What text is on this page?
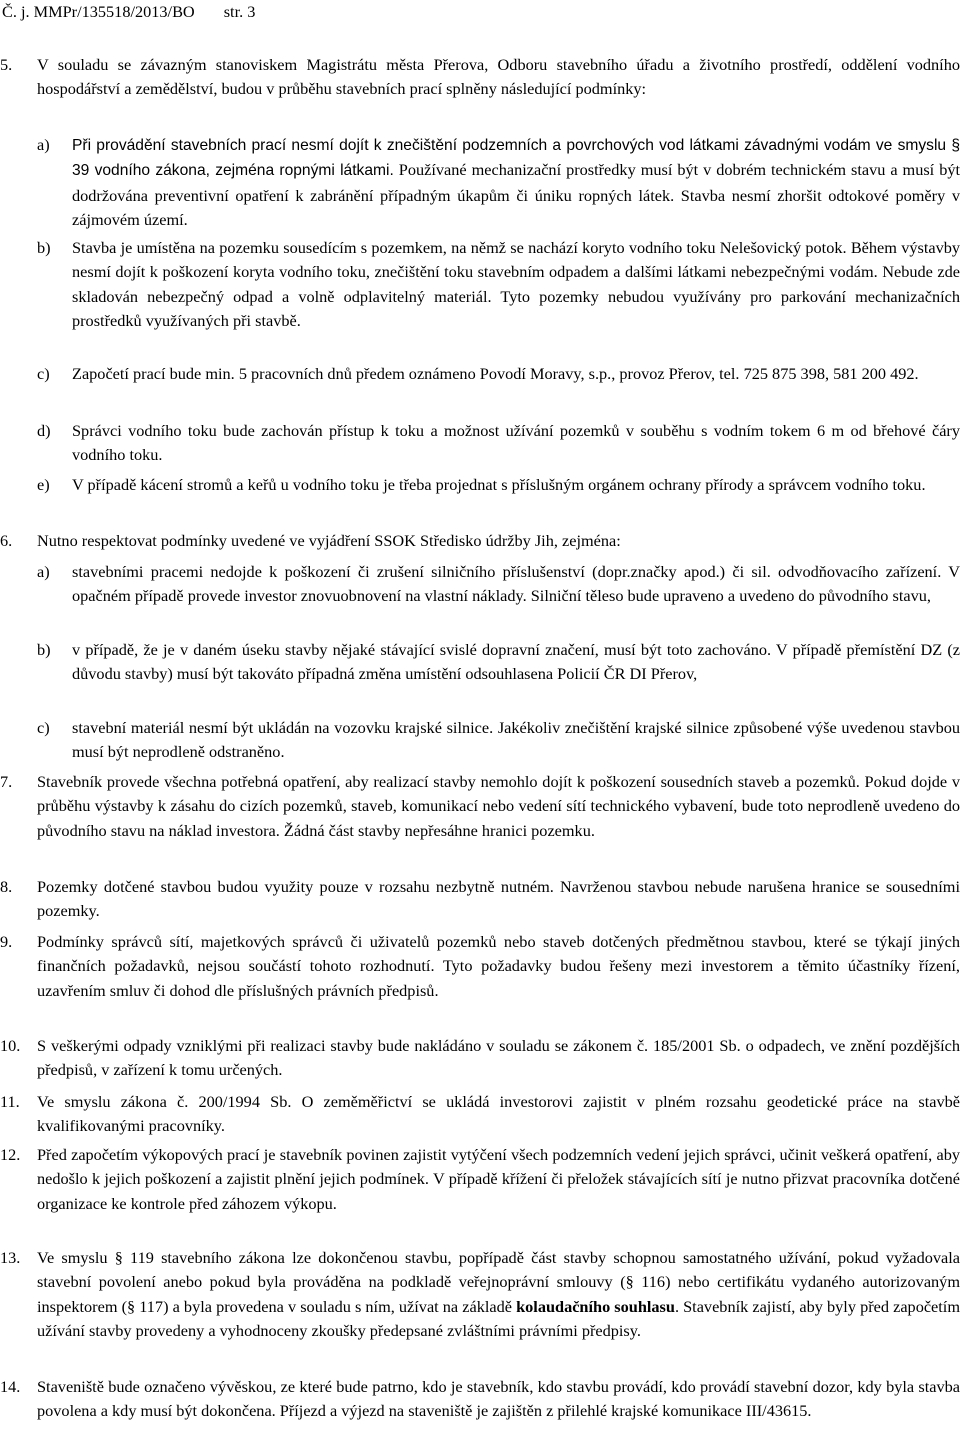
Č. j. MMPr/135518/2013/BO str. 3
5. V souladu se závazným stanoviskem Magistrátu města Přerova, Odboru stavebního úřadu a životního prostředí, oddělení vodního hospodářství a zemědělství, budou v průběhu stavebních prací splněny následující podmínky:
a) Při provádění stavebních prací nesmí dojít k znečištění podzemních a povrchových vod látkami závadnými vodám ve smyslu § 39 vodního zákona, zejména ropnými látkami. Používané mechanizační prostředky musí být v dobrém technickém stavu a musí být dodržována preventivní opatření k zabránění případným úkapům či úniku ropných látek. Stavba nesmí zhoršit odtokové poměry v zájmovém území.
b) Stavba je umístěna na pozemku sousedícím s pozemkem, na němž se nachází koryto vodního toku Nelešovický potok. Během výstavby nesmí dojít k poškození koryta vodního toku, znečištění toku stavebním odpadem a dalšími látkami nebezpečnými vodám. Nebude zde skladován nebezpečný odpad a volně odplavitelný materiál. Tyto pozemky nebudou využívány pro parkování mechanizačních prostředků využívaných při stavbě.
c) Započetí prací bude min. 5 pracovních dnů předem oznámeno Povodí Moravy, s.p., provoz Přerov, tel. 725 875 398, 581 200 492.
d) Správci vodního toku bude zachován přístup k toku a možnost užívání pozemků v souběhu s vodním tokem 6 m od břehové čáry vodního toku.
e) V případě kácení stromů a keřů u vodního toku je třeba projednat s příslušným orgánem ochrany přírody a správcem vodního toku.
6. Nutno respektovat podmínky uvedené ve vyjádření SSOK Středisko údržby Jih, zejména:
a) stavebními pracemi nedojde k poškození či zrušení silničního příslušenství (dopr.značky apod.) či sil. odvodňovacího zařízení. V opačném případě provede investor znovuobnovení na vlastní náklady. Silniční těleso bude upraveno a uvedeno do původního stavu,
b) v případě, že je v daném úseku stavby nějaké stávající svislé dopravní značení, musí být toto zachováno. V případě přemístění DZ (z důvodu stavby) musí být takováto případná změna umístění odsouhlasena Policií ČR DI Přerov,
c) stavební materiál nesmí být ukládán na vozovku krajské silnice. Jakékoliv znečištění krajské silnice způsobené výše uvedenou stavbou musí být neprodleně odstraněno.
7. Stavebník provede všechna potřebná opatření, aby realizací stavby nemohlo dojít k poškození sousedních staveb a pozemků. Pokud dojde v průběhu výstavby k zásahu do cizích pozemků, staveb, komunikací nebo vedení sítí technického vybavení, bude toto neprodleně uvedeno do původního stavu na náklad investora. Žádná část stavby nepřesáhne hranici pozemku.
8. Pozemky dotčené stavbou budou využity pouze v rozsahu nezbytně nutném. Navrženou stavbou nebude narušena hranice se sousedními pozemky.
9. Podmínky správců sítí, majetkových správců či uživatelů pozemků nebo staveb dotčených předmětnou stavbou, které se týkají jiných finančních požadavků, nejsou součástí tohoto rozhodnutí. Tyto požadavky budou řešeny mezi investorem a těmito účastníky řízení, uzavřením smluv či dohod dle příslušných právních předpisů.
10. S veškerými odpady vzniklými při realizaci stavby bude nakládáno v souladu se zákonem č. 185/2001 Sb. o odpadech, ve znění pozdějších předpisů, v zařízení k tomu určených.
11. Ve smyslu zákona č. 200/1994 Sb. O zeměměřictví se ukládá investorovi zajistit v plném rozsahu geodetické práce na stavbě kvalifikovanými pracovníky.
12. Před započetím výkopových prací je stavebník povinen zajistit vytýčení všech podzemních vedení jejich správci, učinit veškerá opatření, aby nedošlo k jejich poškození a zajistit plnění jejich podmínek. V případě křížení či přeložek stávajících sítí je nutno přizvat pracovníka dotčené organizace ke kontrole před záhozem výkopu.
13. Ve smyslu § 119 stavebního zákona lze dokončenou stavbu, popřípadě část stavby schopnou samostatného užívání, pokud vyžadovala stavební povolení anebo pokud byla prováděna na podkladě veřejnoprávní smlouvy (§ 116) nebo certifikátu vydaného autorizovaným inspektorem (§ 117) a byla provedena v souladu s ním, užívat na základě kolaudačního souhlasu. Stavebník zajistí, aby byly před započetím užívání stavby provedeny a vyhodnoceny zkoušky předepsané zvláštními právními předpisy.
14. Staveniště bude označeno vývěskou, ze které bude patrno, kdo je stavebník, kdo stavbu provádí, kdo provádí stavební dozor, kdy byla stavba povolena a kdy musí být dokončena. Příjezd a výjezd na staveniště je zajištěn z přilehlé krajské komunikace III/43615.
